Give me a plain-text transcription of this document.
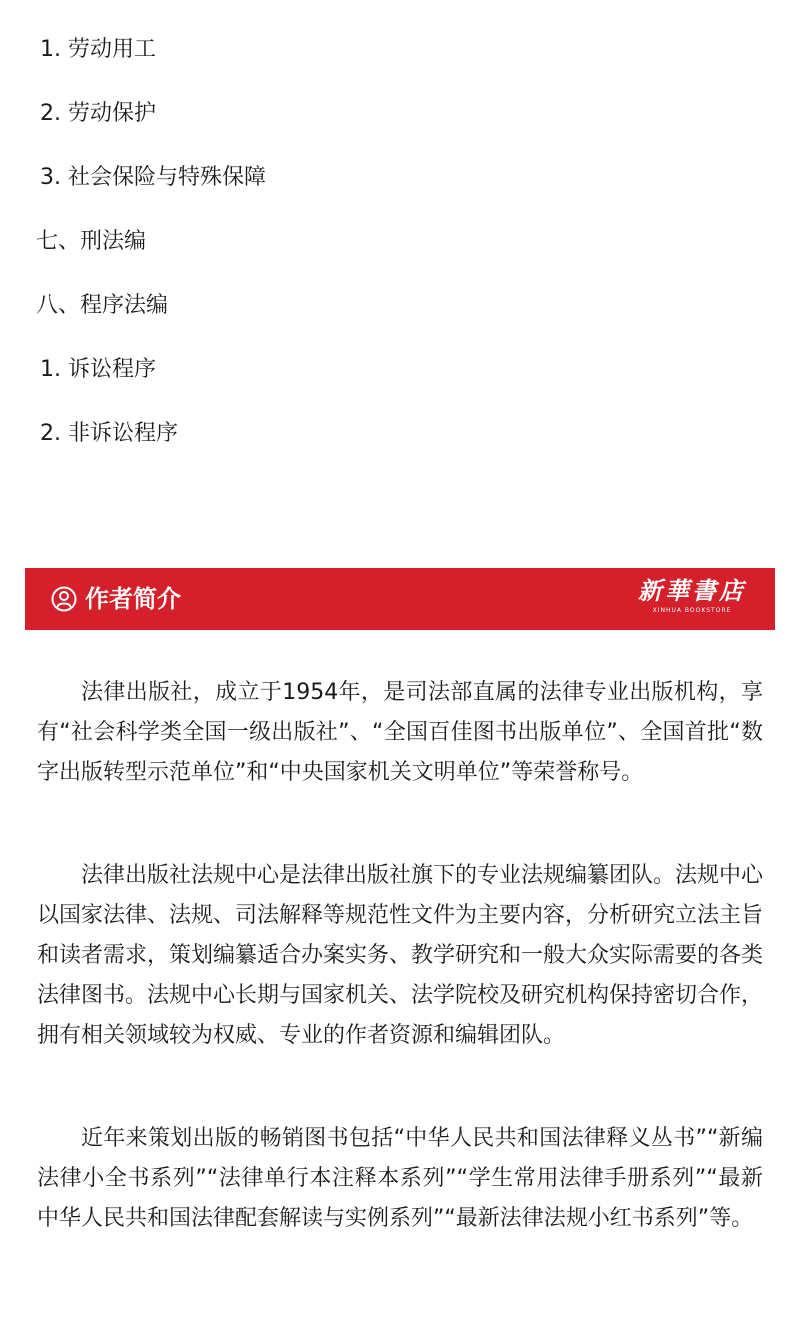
1. 劳动用工
2. 劳动保护
3. 社会保险与特殊保障
七、刑法编
八、程序法编
1. 诉讼程序
2. 非诉讼程序
作者简介	新華書店
XINHUA BOOKSTORE

法律出版社，成立于1954年，是司法部直属的法律专业出版机构，享有“社会科学类全国一级出版社”、“全国百佳图书出版单位”、全国首批“数字出版转型示范单位”和“中央国家机关文明单位”等荣誉称号。

法律出版社法规中心是法律出版社旗下的专业法规编纂团队。法规中心以国家法律、法规、司法解释等规范性文件为主要内容，分析研究立法主旨和读者需求，策划编纂适合办案实务、教学研究和一般大众实际需要的各类法律图书。法规中心长期与国家机关、法学院校及研究机构保持密切合作，拥有相关领域较为权威、专业的作者资源和编辑团队。

近年来策划出版的畅销图书包括“中华人民共和国法律释义丛书”“新编法律小全书系列”“法律单行本注释本系列”“学生常用法律手册系列”“最新中华人民共和国法律配套解读与实例系列”“最新法律法规小红书系列”等。
